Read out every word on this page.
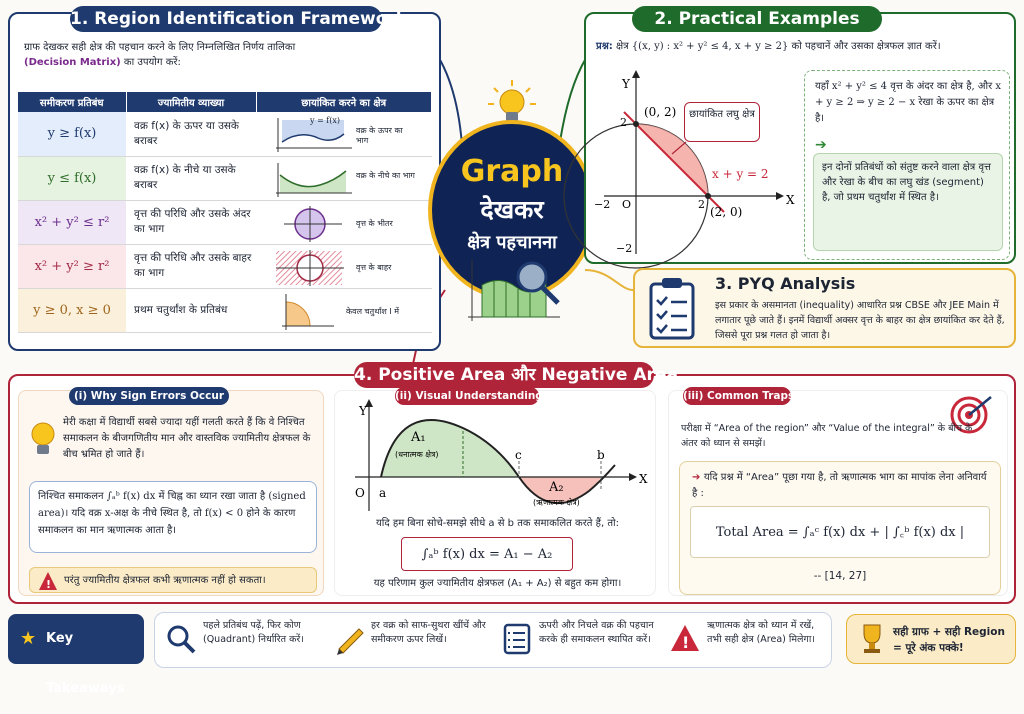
1. Region Identification Framework
ग्राफ देखकर सही क्षेत्र की पहचान करने के लिए निम्नलिखित निर्णय तालिका
(Decision Matrix) का उपयोग करें:
समीकरण प्रतिबंध	ज्यामितीय व्याख्या	छायांकित करने का क्षेत्र
y ≥ f(x)	वक्र f(x) के ऊपर या उसके बराबर	y = f(x)
वक्र के ऊपर का भाग

y ≤ f(x)	वक्र f(x) के नीचे या उसके बराबर	वक्र के नीचे का भाग

x² + y² ≤ r²	वृत्त की परिधि और उसके अंदर का भाग	वृत्त के भीतर

x² + y² ≥ r²	वृत्त की परिधि और उसके बाहर का भाग	वृत्त के बाहर

y ≥ 0, x ≥ 0	प्रथम चतुर्थांश के प्रतिबंध	केवल चतुर्थांश I में
Graph
देखकर
क्षेत्र पहचानना
2. Practical Examples
प्रश्न: क्षेत्र {(x, y) : x² + y² ≤ 4, x + y ≥ 2} को पहचानें और उसका क्षेत्रफल ज्ञात करें।
Y
X
(0, 2)
(2, 0)
2
−2
−2 O	2
x + y = 2
छायांकित लघु क्षेत्र
यहाँ x² + y² ≤ 4 वृत्त के अंदर का क्षेत्र है, और x + y ≥ 2 ⇒ y ≥ 2 − x रेखा के ऊपर का क्षेत्र है।
➔
इन दोनों प्रतिबंधों को संतुष्ट करने वाला क्षेत्र वृत्त और रेखा के बीच का लघु खंड (segment) है, जो प्रथम चतुर्थांश में स्थित है।
3. PYQ Analysis
इस प्रकार के असमानता (inequality) आधारित प्रश्न CBSE और JEE Main में लगातार पूछे जाते हैं। इनमें विद्यार्थी अक्सर वृत्त के बाहर का क्षेत्र छायांकित कर देते हैं, जिससे पूरा प्रश्न गलत हो जाता है।
4. Positive Area और Negative Area
(i) Why Sign Errors Occur
मेरी कक्षा में विद्यार्थी सबसे ज्यादा यहीं गलती करते हैं कि वे निश्चित समाकलन के बीजगणितीय मान और वास्तविक ज्यामितीय क्षेत्रफल के बीच भ्रमित हो जाते हैं।
निश्चित समाकलन ∫ₐᵇ f(x) dx में चिह्न का ध्यान रखा जाता है (signed area)। यदि वक्र x-अक्ष के नीचे स्थित है, तो f(x) < 0 होने के कारण समाकलन का मान ऋणात्मक आता है।
! परंतु ज्यामितीय क्षेत्रफल कभी ऋणात्मक नहीं हो सकता।
(ii) Visual Understanding
Y
X
O a
c	b
A₁
(धनात्मक क्षेत्र)
A₂
(ऋणात्मक क्षेत्र)
यदि हम बिना सोचे-समझे सीधे a से b तक समाकलित करते हैं, तो:
∫ₐᵇ f(x) dx = A₁ − A₂
यह परिणाम कुल ज्यामितीय क्षेत्रफल (A₁ + A₂) से बहुत कम होगा।
(iii) Common Traps
परीक्षा में “Area of the region” और “Value of the integral” के बीच के अंतर को ध्यान से समझें।
➔ यदि प्रश्न में “Area” पूछा गया है, तो ऋणात्मक भाग का मापांक लेना अनिवार्य है :
Total Area = ∫ₐᶜ f(x) dx + | ∫꜀ᵇ f(x) dx |
-- [14, 27]
★ Key Takeaways
पहले प्रतिबंध पढ़ें, फिर कोण (Quadrant) निर्धारित करें।
हर वक्र को साफ-सुथरा खींचें और समीकरण ऊपर लिखें।
ऊपरी और निचले वक्र की पहचान करके ही समाकलन स्थापित करें।	!
ऋणात्मक क्षेत्र को ध्यान में रखें, तभी सही क्षेत्र (Area) मिलेगा।
सही ग्राफ + सही Region
= पूरे अंक पक्के!
